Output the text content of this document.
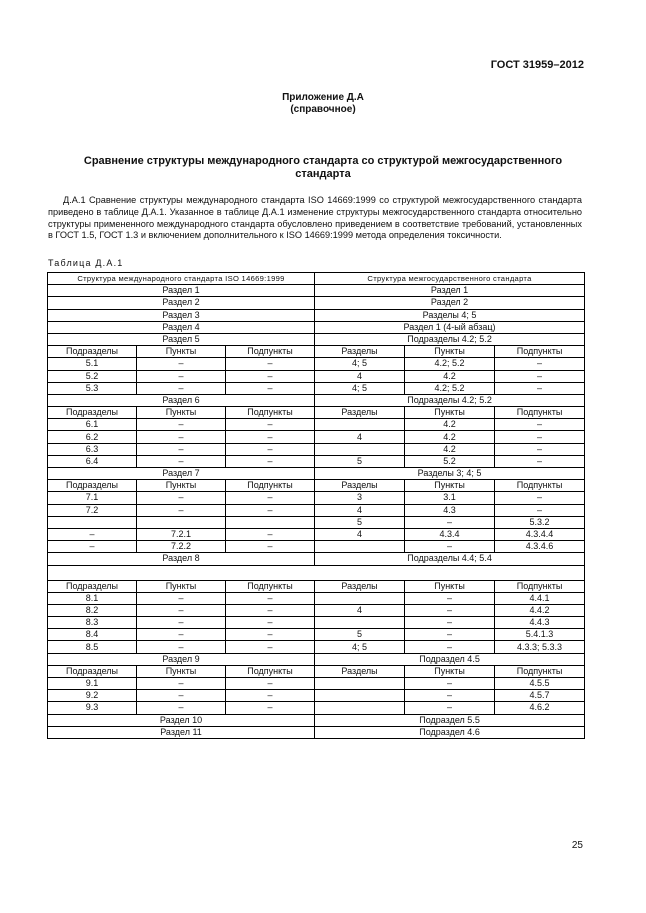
ГОСТ 31959–2012
Приложение Д.А
(справочное)
Сравнение структуры международного стандарта со структурой межгосударственного
стандарта
Д.А.1 Сравнение структуры международного стандарта ISO 14669:1999 со структурой межгосударственного стандарта приведено в таблице Д.А.1. Указанное в таблице Д.А.1 изменение структуры межгосударственного стандарта относительно структуры примененного международного стандарта обусловлено приведением в соответствие требований, установленных в ГОСТ 1.5, ГОСТ 1.3 и включением дополнительного к ISO 14669:1999 метода определения токсичности.
Таблица Д.А.1
Структура международного стандарта ISO 14669:1999			Структура межгосударственного стандарта		
Раздел 1			Раздел 1		
Раздел 2			Раздел 2		
Раздел 3			Разделы 4; 5		
Раздел 4			Раздел 1 (4-ый абзац)		
Раздел 5			Подразделы 4.2; 5.2		
Подразделы	Пункты	Подпункты	Разделы	Пункты	Подпункты
5.1	–	–	4; 5	4.2; 5.2	–
5.2	–	–	4	4.2	–
5.3	–	–	4; 5	4.2; 5.2	–
Раздел 6			Подразделы 4.2; 5.2		
Подразделы	Пункты	Подпункты	Разделы	Пункты	Подпункты
6.1	–	–		4.2	–
6.2	–	–	4	4.2	–
6.3	–	–		4.2	–
6.4	–	–	5	5.2	–
Раздел 7			Разделы 3; 4; 5		
Подразделы	Пункты	Подпункты	Разделы	Пункты	Подпункты
7.1	–	–	3	3.1	–
7.2	–	–	4	4.3	–
			5	–	5.3.2
–	7.2.1	–	4	4.3.4	4.3.4.4
–	7.2.2	–		–	4.3.4.6
Раздел 8			Подразделы 4.4; 5.4		

Подразделы	Пункты	Подпункты	Разделы	Пункты	Подпункты
8.1	–	–		–	4.4.1
8.2	–	–	4	–	4.4.2
8.3	–	–		–	4.4.3
8.4	–	–	5	–	5.4.1.3
8.5	–	–	4; 5	–	4.3.3; 5.3.3
Раздел 9			Подраздел 4.5		
Подразделы	Пункты	Подпункты	Разделы	Пункты	Подпункты
9.1	–	–		–	4.5.5
9.2	–	–		–	4.5.7
9.3	–	–		–	4.6.2
Раздел 10			Подраздел 5.5		
Раздел 11			Подраздел 4.6		
25
